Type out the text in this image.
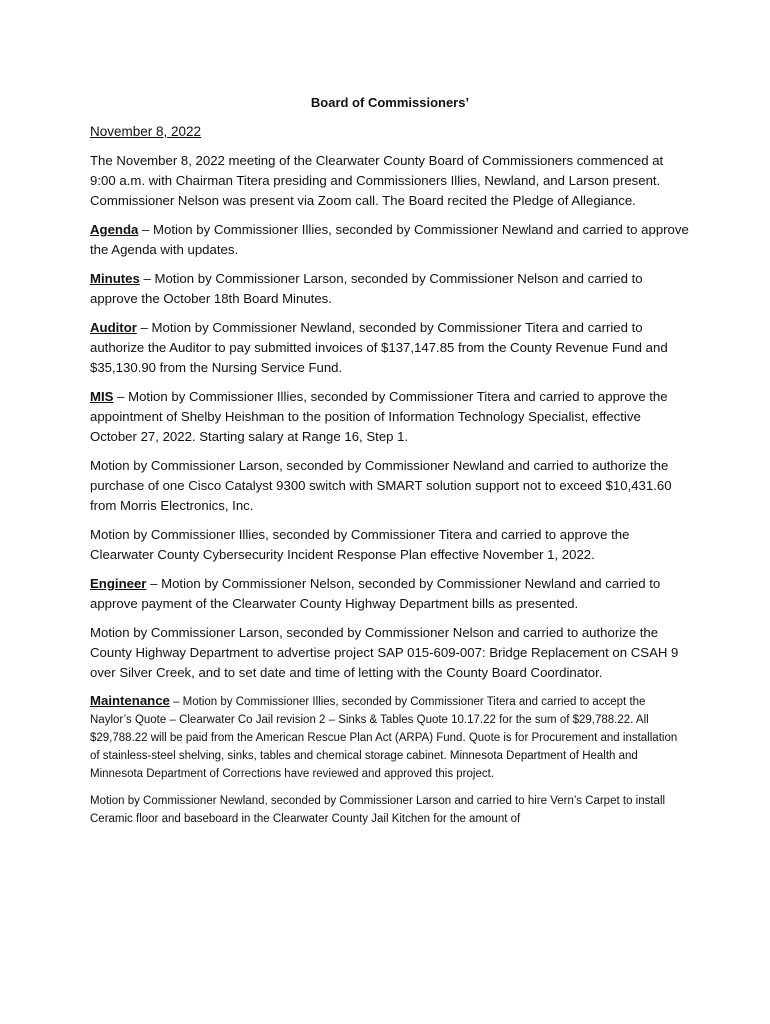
Board of Commissioners’
November 8, 2022

The November 8, 2022 meeting of the Clearwater County Board of Commissioners commenced at 9:00 a.m. with Chairman Titera presiding and Commissioners Illies, Newland, and Larson present. Commissioner Nelson was present via Zoom call. The Board recited the Pledge of Allegiance.

Agenda – Motion by Commissioner Illies, seconded by Commissioner Newland and carried to approve the Agenda with updates.

Minutes – Motion by Commissioner Larson, seconded by Commissioner Nelson and carried to approve the October 18th Board Minutes.

Auditor – Motion by Commissioner Newland, seconded by Commissioner Titera and carried to authorize the Auditor to pay submitted invoices of $137,147.85 from the County Revenue Fund and $35,130.90 from the Nursing Service Fund.

MIS – Motion by Commissioner Illies, seconded by Commissioner Titera and carried to approve the appointment of Shelby Heishman to the position of Information Technology Specialist, effective October 27, 2022. Starting salary at Range 16, Step 1.

Motion by Commissioner Larson, seconded by Commissioner Newland and carried to authorize the purchase of one Cisco Catalyst 9300 switch with SMART solution support not to exceed $10,431.60 from Morris Electronics, Inc.

Motion by Commissioner Illies, seconded by Commissioner Titera and carried to approve the Clearwater County Cybersecurity Incident Response Plan effective November 1, 2022.

Engineer – Motion by Commissioner Nelson, seconded by Commissioner Newland and carried to approve payment of the Clearwater County Highway Department bills as presented.

Motion by Commissioner Larson, seconded by Commissioner Nelson and carried to authorize the County Highway Department to advertise project SAP 015-609-007: Bridge Replacement on CSAH 9 over Silver Creek, and to set date and time of letting with the County Board Coordinator.

Maintenance – Motion by Commissioner Illies, seconded by Commissioner Titera and carried to accept the Naylor’s Quote – Clearwater Co Jail revision 2 – Sinks & Tables Quote 10.17.22 for the sum of $29,788.22. All $29,788.22 will be paid from the American Rescue Plan Act (ARPA) Fund. Quote is for Procurement and installation of stainless-steel shelving, sinks, tables and chemical storage cabinet. Minnesota Department of Health and Minnesota Department of Corrections have reviewed and approved this project.

Motion by Commissioner Newland, seconded by Commissioner Larson and carried to hire Vern’s Carpet to install Ceramic floor and baseboard in the Clearwater County Jail Kitchen for the amount of
